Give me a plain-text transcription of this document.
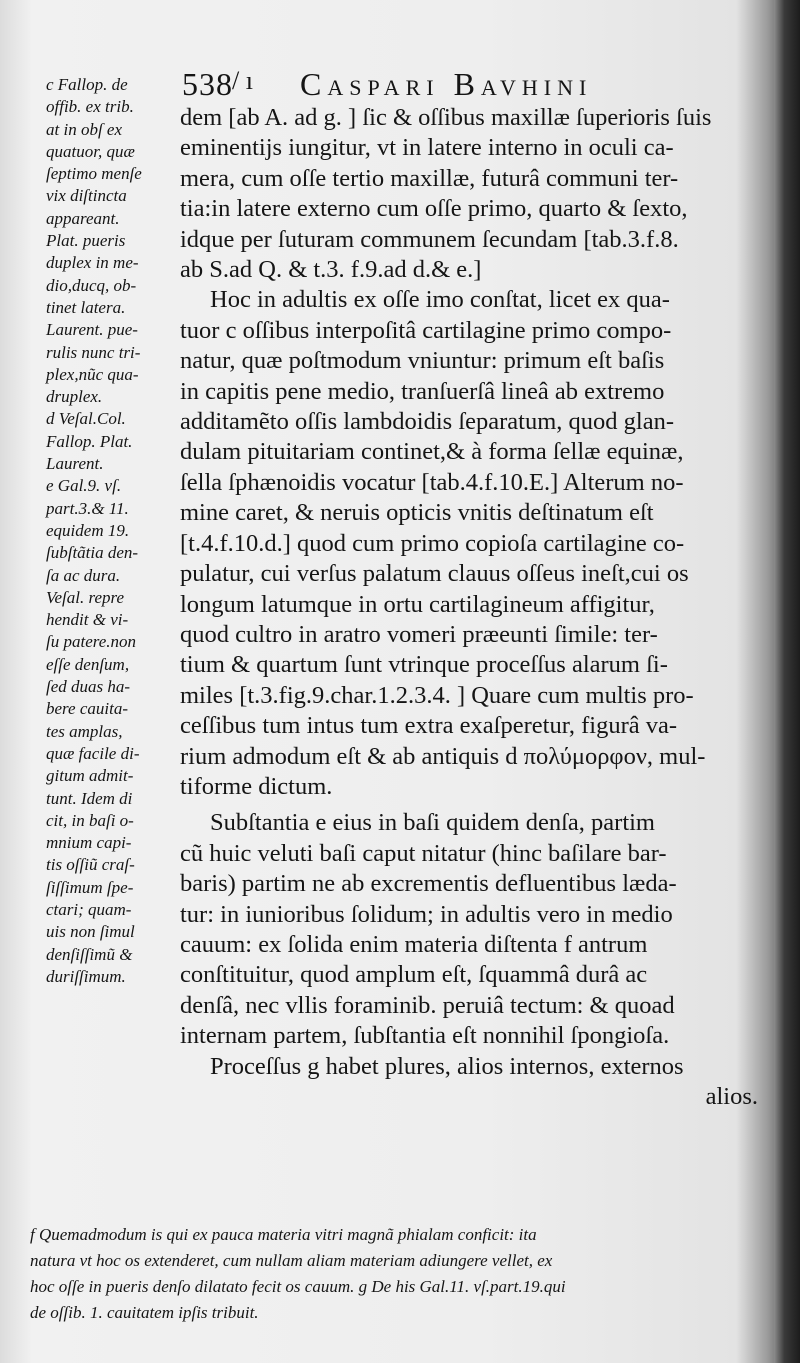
538 / ı Caspari Bavhini
c Fallop. de
offib. ex trib.
at in obſ ex
quatuor, quæ
ſeptimo menſe
vix diſtincta
appareant.
Plat. pueris
duplex in me-
dio,ducq, ob-
tinet latera.
Laurent. pue-
rulis nunc tri-
plex,nũc qua-
druplex.
d Veſal.Col.
Fallop. Plat.
Laurent.
e Gal.9. vſ.
part.3.& 11.
equidem 19.
ſubſtãtia den-
ſa ac dura.
Veſal. repre
hendit & vi-
ſu patere.non
eſſe denſum,
ſed duas ha-
bere cauita-
tes amplas,
quæ facile di-
gitum admit-
tunt. Idem di
cit, in baſi o-
mnium capi-
tis oſſiũ craſ-
ſiſſimum ſpe-
ctari; quam-
uis non ſimul
denſiſſimũ &
duriſſimum.
dem [ab A. ad g. ] ſic & oſſibus maxillæ ſuperioris ſuis
eminentijs iungitur, vt in latere interno in oculi ca-
mera, cum oſſe tertio maxillæ, futurâ communi ter-
tia:in latere externo cum oſſe primo, quarto & ſexto,
idque per ſuturam communem ſecundam [tab.3.f.8.
ab S.ad Q. & t.3. f.9.ad d.& e.]
Hoc in adultis ex oſſe imo conſtat, licet ex qua-
tuor c oſſibus interpoſitâ cartilagine primo compo-
natur, quæ poſtmodum vniuntur: primum eſt baſis
in capitis pene medio, tranſuerſâ lineâ ab extremo
additamẽto oſſis lambdoidis ſeparatum, quod glan-
dulam pituitariam continet,& à forma ſellæ equinæ,
ſella ſphænoidis vocatur [tab.4.f.10.E.] Alterum no-
mine caret, & neruis opticis vnitis deſtinatum eſt
[t.4.f.10.d.] quod cum primo copioſa cartilagine co-
pulatur, cui verſus palatum clauus oſſeus ineſt,cui os
longum latumque in ortu cartilagineum affigitur,
quod cultro in aratro vomeri præeunti ſimile: ter-
tium & quartum ſunt vtrinque proceſſus alarum ſi-
miles [t.3.fig.9.char.1.2.3.4. ] Quare cum multis pro-
ceſſibus tum intus tum extra exaſperetur, figurâ va-
rium admodum eſt & ab antiquis d πολύμορφον, mul-
tiforme dictum.
Subſtantia e eius in baſi quidem denſa, partim
cũ huic veluti baſi caput nitatur (hinc baſilare bar-
baris) partim ne ab excrementis defluentibus lædа-
tur: in iunioribus ſolidum; in adultis vero in medio
cauum: ex ſolida enim materia diſtenta f antrum
conſtituitur, quod amplum eſt, ſquammâ durâ ac
denſâ, nec vllis foraminib. peruiâ tectum: & quoad
internam partem, ſubſtantia eſt nonnihil ſpongioſa.
Proceſſus g habet plures, alios internos, externos
alios.
f Quemadmodum is qui ex pauca materia vitri magnã phialam conficit: ita
natura vt hoc os extenderet, cum nullam aliam materiam adiungere vellet, ex
hoc oſſe in pueris denſo dilatato fecit os cauum. g De his Gal.11. vſ.part.19.qui
de oſſib. 1. cauitatem ipſis tribuit.
